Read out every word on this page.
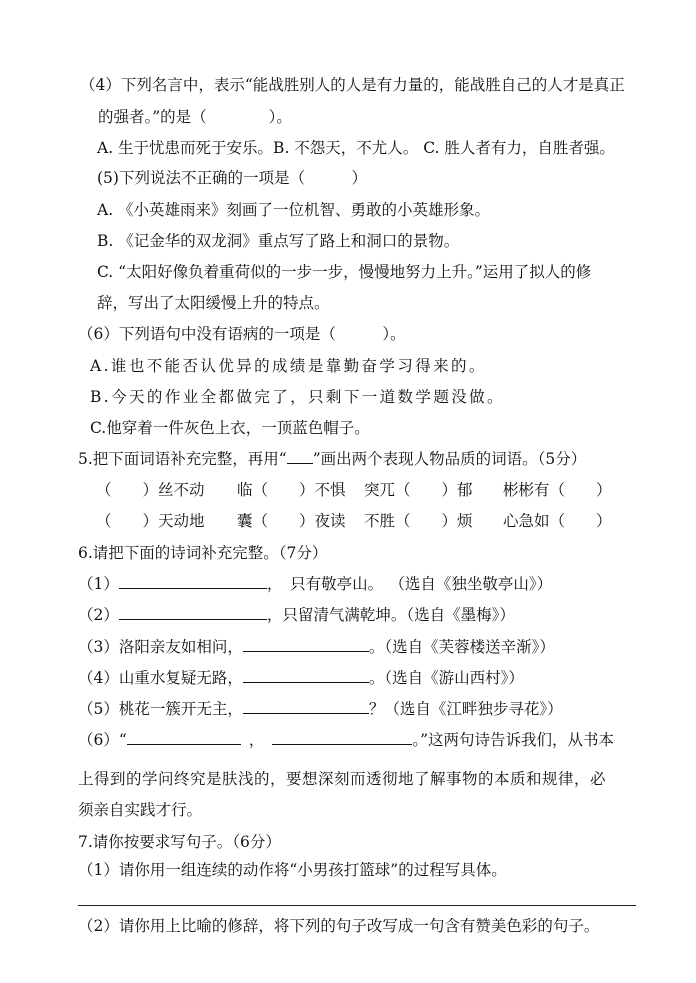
（4）下列名言中，表示“能战胜别人的人是有力量的，能战胜自己的人才是真正
的强者。”的是（　　　　）。
A. 生于忧患而死于安乐。B. 不怨天，不尤人。 C. 胜人者有力，自胜者强。
(5)下列说法不正确的一项是（　　　）
A. 《小英雄雨来》刻画了一位机智、勇敢的小英雄形象。
B. 《记金华的双龙洞》重点写了路上和洞口的景物。
C. “太阳好像负着重荷似的一步一步，慢慢地努力上升。”运用了拟人的修
辞，写出了太阳缓慢上升的特点。
（6）下列语句中没有语病的一项是（　　　）。
A.谁也不能否认优异的成绩是靠勤奋学习得来的。
B.今天的作业全都做完了，只剩下一道数学题没做。
C.他穿着一件灰色上衣，一顶蓝色帽子。
5.把下面词语补充完整，再用“ ”画出两个表现人物品质的词语。（5分）
（　　）丝不动 临（　　）不惧 突兀（　　）郁 彬彬有（　　）
（　　）天动地 囊（　　）夜读 不胜（　　）烦 心急如（　　）
6.请把下面的诗词补充完整。（7分）
（1）	，　只有敬亭山。 （选自《独坐敬亭山》）
（2）	，只留清气满乾坤。（选自《墨梅》）
（3）洛阳亲友如相问，	。（选自《芙蓉楼送辛渐》）
（4）山重水复疑无路，	。（选自《游山西村》）
（5）桃花一簇开无主，	？（选自《江畔独步寻花》）
（6）“	，	。”这两句诗告诉我们，从书本
上得到的学问终究是肤浅的，要想深刻而透彻地了解事物的本质和规律，必
须亲自实践才行。
7.请你按要求写句子。（6分）
（1）请你用一组连续的动作将“小男孩打篮球”的过程写具体。
（2）请你用上比喻的修辞，将下列的句子改写成一句含有赞美色彩的句子。
